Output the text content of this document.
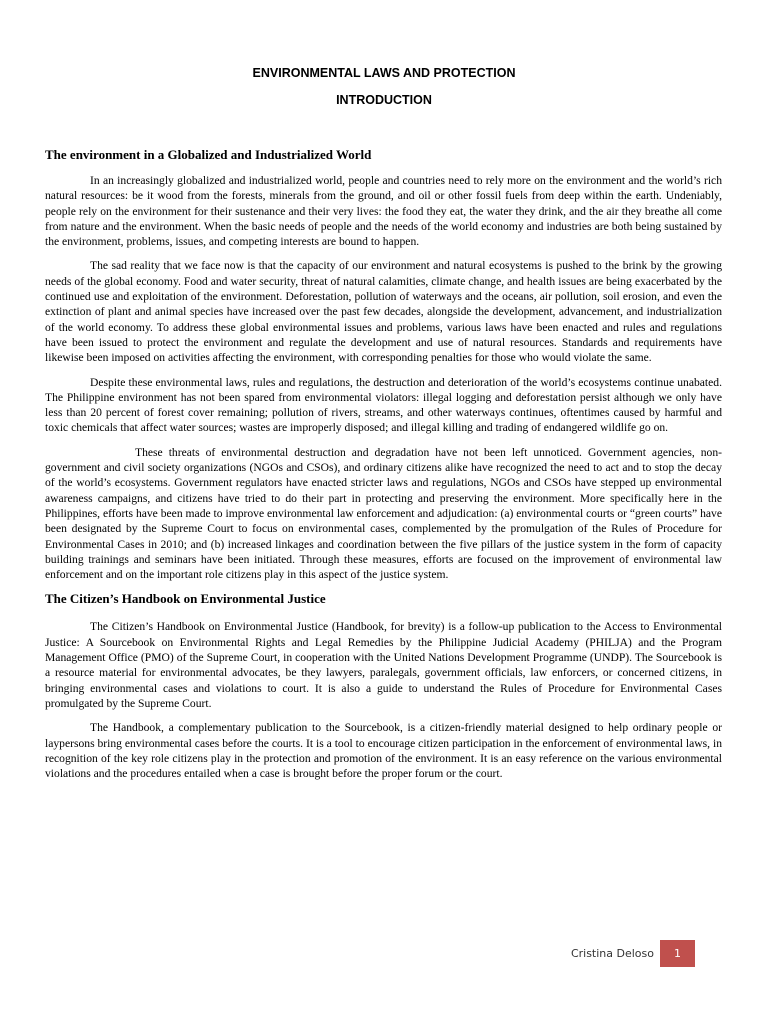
ENVIRONMENTAL LAWS AND PROTECTION
INTRODUCTION
The environment in a Globalized and Industrialized World

In an increasingly globalized and industrialized world, people and countries need to rely more on the environment and the world’s rich natural resources: be it wood from the forests, minerals from the ground, and oil or other fossil fuels from deep within the earth. Undeniably, people rely on the environment for their sustenance and their very lives: the food they eat, the water they drink, and the air they breathe all come from nature and the environment. When the basic needs of people and the needs of the world economy and industries are both being sustained by the environment, problems, issues, and competing interests are bound to happen.

The sad reality that we face now is that the capacity of our environment and natural ecosystems is pushed to the brink by the growing needs of the global economy. Food and water security, threat of natural calamities, climate change, and health issues are being exacerbated by the continued use and exploitation of the environment. Deforestation, pollution of waterways and the oceans, air pollution, soil erosion, and even the extinction of plant and animal species have increased over the past few decades, alongside the development, advancement, and industrialization of the world economy. To address these global environmental issues and problems, various laws have been enacted and rules and regulations have been issued to protect the environment and regulate the development and use of natural resources. Standards and requirements have likewise been imposed on activities affecting the environment, with corresponding penalties for those who would violate the same.

Despite these environmental laws, rules and regulations, the destruction and deterioration of the world’s ecosystems continue unabated. The Philippine environment has not been spared from environmental violators: illegal logging and deforestation persist although we only have less than 20 percent of forest cover remaining; pollution of rivers, streams, and other waterways continues, oftentimes caused by harmful and toxic chemicals that affect water sources; wastes are improperly disposed; and illegal killing and trading of endangered wildlife go on.

These threats of environmental destruction and degradation have not been left unnoticed. Government agencies, non-government and civil society organizations (NGOs and CSOs), and ordinary citizens alike have recognized the need to act and to stop the decay of the world’s ecosystems. Government regulators have enacted stricter laws and regulations, NGOs and CSOs have stepped up environmental awareness campaigns, and citizens have tried to do their part in protecting and preserving the environment. More specifically here in the Philippines, efforts have been made to improve environmental law enforcement and adjudication: (a) environmental courts or “green courts” have been designated by the Supreme Court to focus on environmental cases, complemented by the promulgation of the Rules of Procedure for Environmental Cases in 2010; and (b) increased linkages and coordination between the five pillars of the justice system in the form of capacity building trainings and seminars have been initiated. Through these measures, efforts are focused on the improvement of environmental law enforcement and on the important role citizens play in this aspect of the justice system.

The Citizen’s Handbook on Environmental Justice

The Citizen’s Handbook on Environmental Justice (Handbook, for brevity) is a follow-up publication to the Access to Environmental Justice: A Sourcebook on Environmental Rights and Legal Remedies by the Philippine Judicial Academy (PHILJA) and the Program Management Office (PMO) of the Supreme Court, in cooperation with the United Nations Development Programme (UNDP). The Sourcebook is a resource material for environmental advocates, be they lawyers, paralegals, government officials, law enforcers, or concerned citizens, in bringing environmental cases and violations to court. It is also a guide to understand the Rules of Procedure for Environmental Cases promulgated by the Supreme Court.

The Handbook, a complementary publication to the Sourcebook, is a citizen-friendly material designed to help ordinary people or laypersons bring environmental cases before the courts. It is a tool to encourage citizen participation in the enforcement of environmental laws, in recognition of the key role citizens play in the protection and promotion of the environment. It is an easy reference on the various environmental violations and the procedures entailed when a case is brought before the proper forum or the court.

Cristina Deloso	1
